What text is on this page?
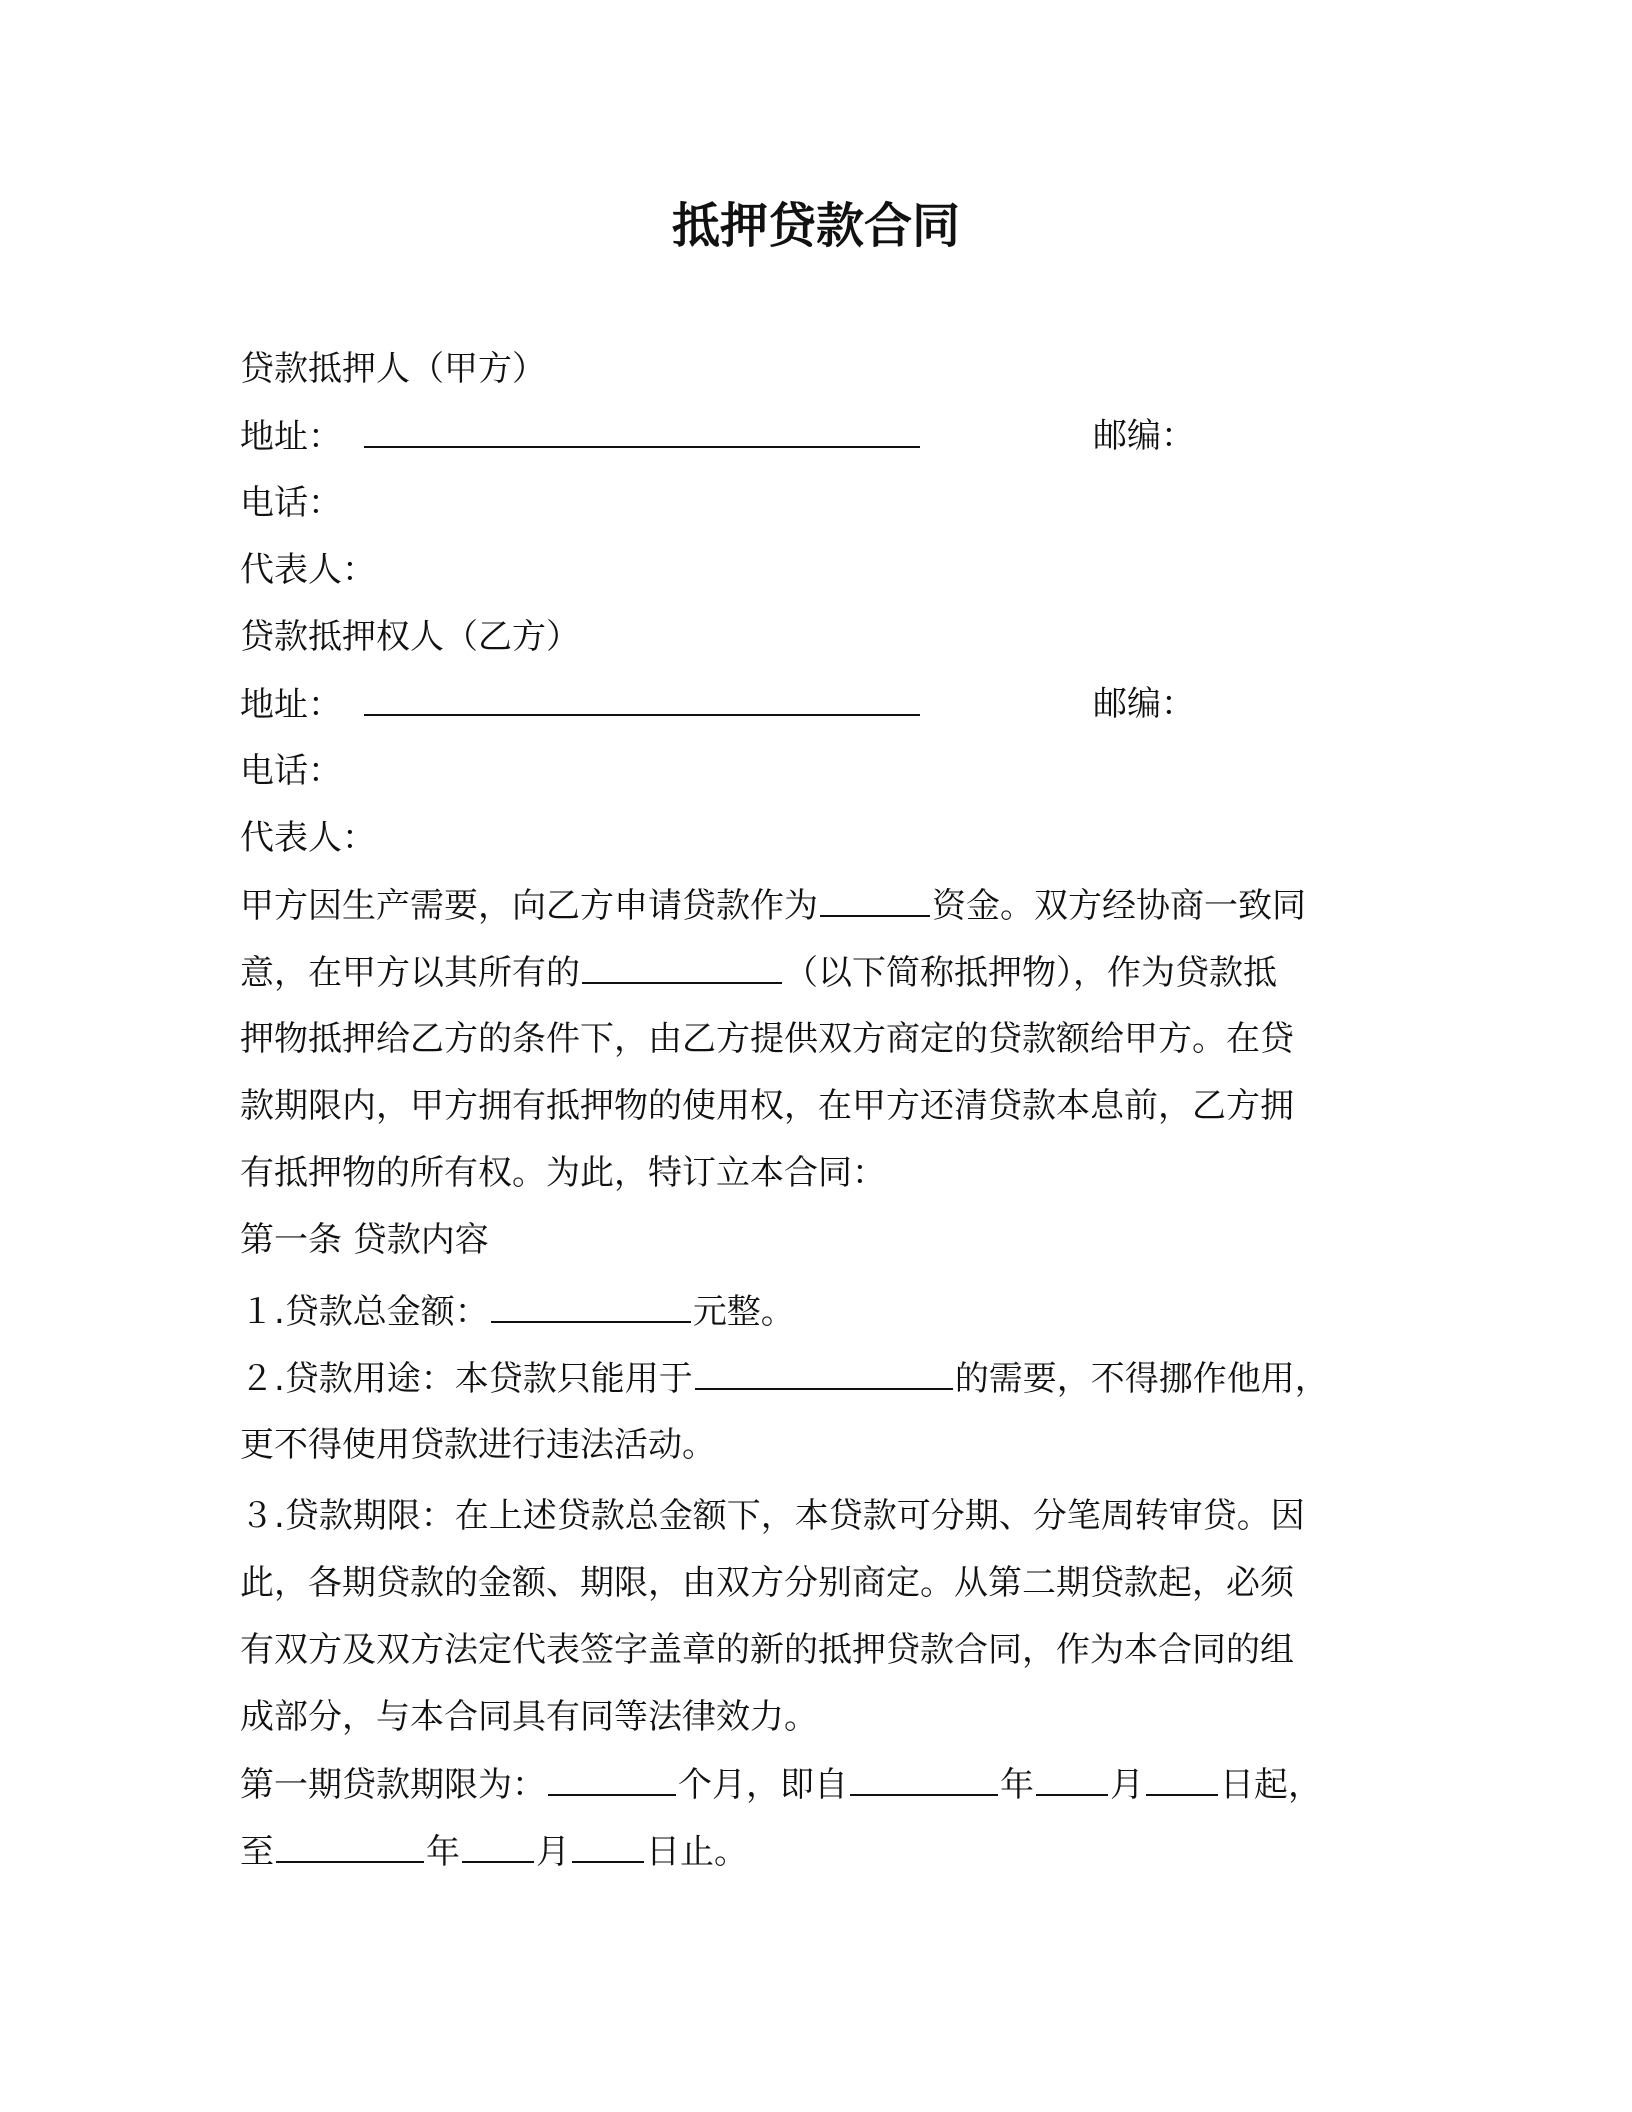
抵押贷款合同
贷款抵押人（甲方）
地址：	邮编：
电话：
代表人：
贷款抵押权人（乙方）
地址：	邮编：
电话：
代表人：
甲方因生产需要，向乙方申请贷款作为	资金。双方经协商一致同
意，在甲方以其所有的	（以下简称抵押物），作为贷款抵
押物抵押给乙方的条件下，由乙方提供双方商定的贷款额给甲方。在贷
款期限内，甲方拥有抵押物的使用权，在甲方还清贷款本息前，乙方拥
有抵押物的所有权。为此，特订立本合同：
第一条 贷款内容
１.贷款总金额：	元整。
２.贷款用途：本贷款只能用于	的需要，不得挪作他用，
更不得使用贷款进行违法活动。
３.贷款期限：在上述贷款总金额下，本贷款可分期、分笔周转审贷。因
此，各期贷款的金额、期限，由双方分别商定。从第二期贷款起，必须
有双方及双方法定代表签字盖章的新的抵押贷款合同，作为本合同的组
成部分，与本合同具有同等法律效力。
第一期贷款期限为：	个月，即自	年 月 日起，
至	年 月 日止。
